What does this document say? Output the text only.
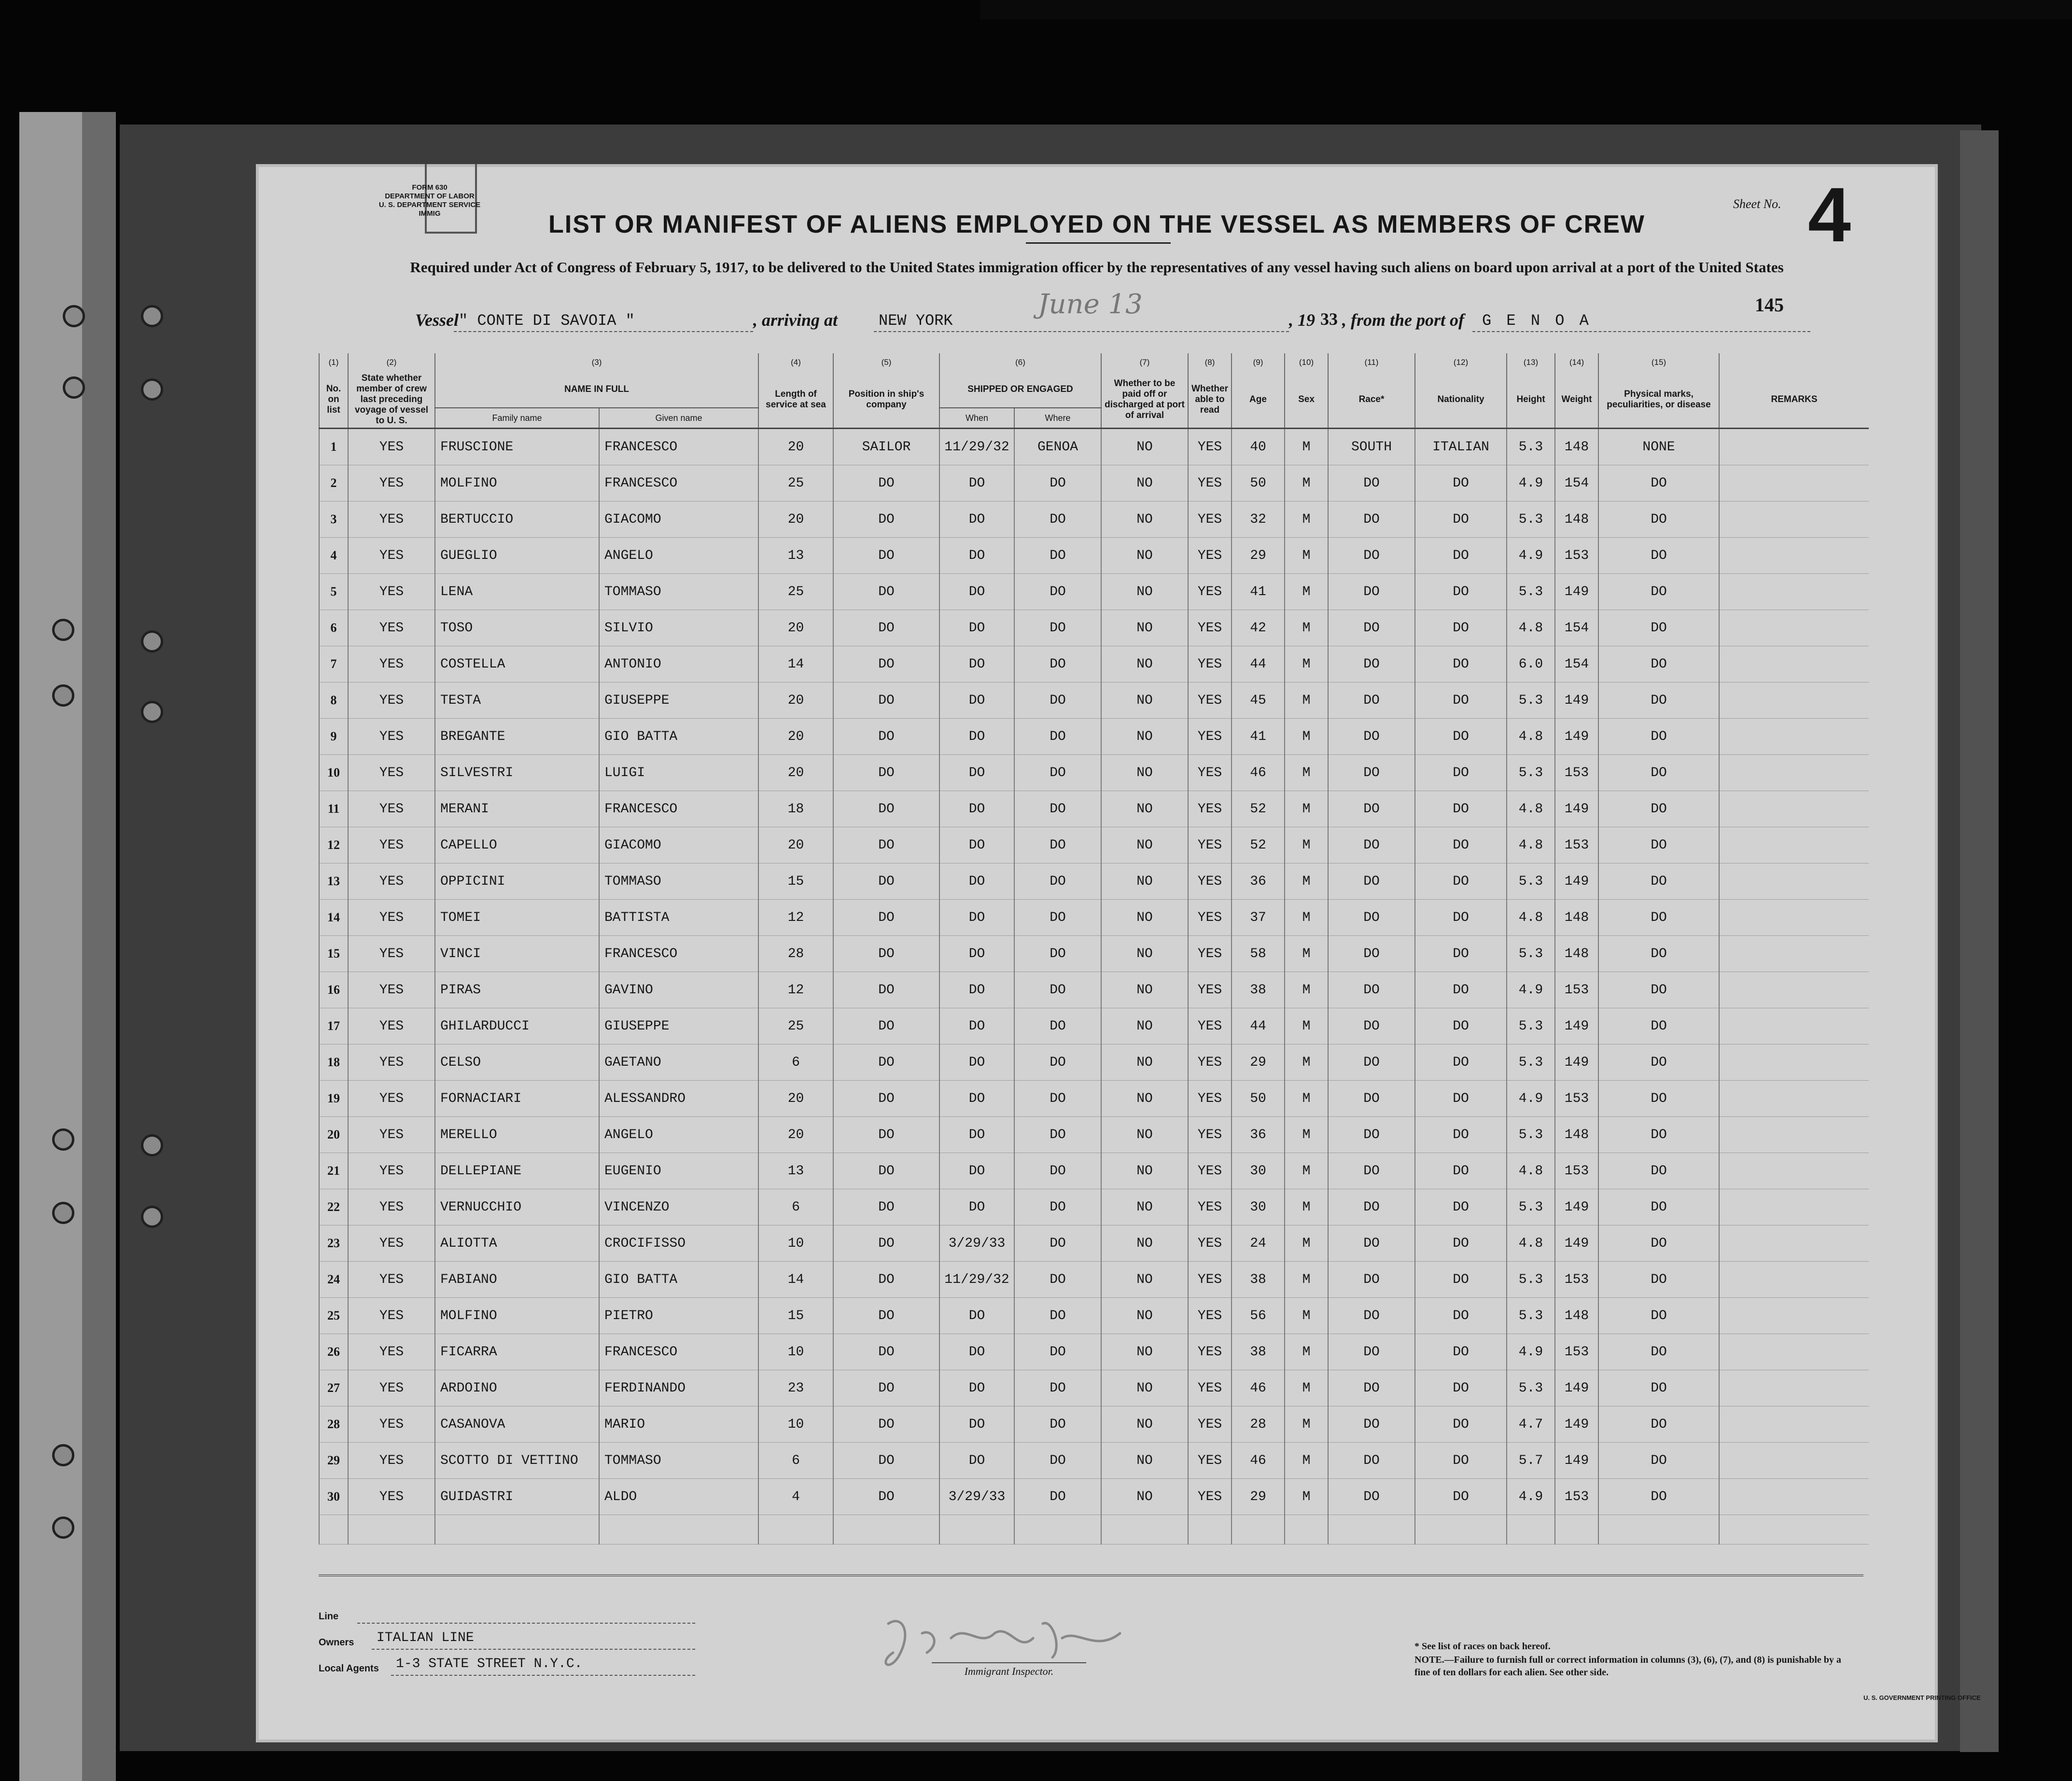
FORM 630
DEPARTMENT OF LABOR
U. S. DEPARTMENT SERVICE
IMMIG	LIST OR MANIFEST OF ALIENS EMPLOYED ON THE VESSEL AS MEMBERS OF CREW
Required under Act of Congress of February 5, 1917, to be delivered to the United States immigration officer by the representatives of any vessel having such aliens on board upon arrival at a port of the United States
Sheet No. 4
145
Vessel " CONTE DI SAVOIA "	, arriving at	NEW YORK
June 13	, 19 33 , from the port of G E N O A
(1)	(2)	(3)		(4)	(5)	(6)		(7)	(8)	(9)	(10)	(11)	(12)	(13)	(14)	(15)	
No. on list	State whether member of crew last preceding voyage of vessel to U. S.	NAME IN FULL		Length of service at sea	Position in ship's company	SHIPPED OR ENGAGED		Whether to be paid off or discharged at port of arrival	Whether able to read	Age	Sex	Race*	Nationality	Height	Weight	Physical marks, peculiarities, or disease	REMARKS
		Family name	Given name			When	Where										
1	YES	FRUSCIONE	FRANCESCO	20	SAILOR	11/29/32	GENOA	NO	YES	40	M	SOUTH	ITALIAN	5.3	148	NONE	
2	YES	MOLFINO	FRANCESCO	25	DO	DO	DO	NO	YES	50	M	DO	DO	4.9	154	DO	
3	YES	BERTUCCIO	GIACOMO	20	DO	DO	DO	NO	YES	32	M	DO	DO	5.3	148	DO	
4	YES	GUEGLIO	ANGELO	13	DO	DO	DO	NO	YES	29	M	DO	DO	4.9	153	DO	
5	YES	LENA	TOMMASO	25	DO	DO	DO	NO	YES	41	M	DO	DO	5.3	149	DO	
6	YES	TOSO	SILVIO	20	DO	DO	DO	NO	YES	42	M	DO	DO	4.8	154	DO	
7	YES	COSTELLA	ANTONIO	14	DO	DO	DO	NO	YES	44	M	DO	DO	6.0	154	DO	
8	YES	TESTA	GIUSEPPE	20	DO	DO	DO	NO	YES	45	M	DO	DO	5.3	149	DO	
9	YES	BREGANTE	GIO BATTA	20	DO	DO	DO	NO	YES	41	M	DO	DO	4.8	149	DO	
10	YES	SILVESTRI	LUIGI	20	DO	DO	DO	NO	YES	46	M	DO	DO	5.3	153	DO	
11	YES	MERANI	FRANCESCO	18	DO	DO	DO	NO	YES	52	M	DO	DO	4.8	149	DO	
12	YES	CAPELLO	GIACOMO	20	DO	DO	DO	NO	YES	52	M	DO	DO	4.8	153	DO	
13	YES	OPPICINI	TOMMASO	15	DO	DO	DO	NO	YES	36	M	DO	DO	5.3	149	DO	
14	YES	TOMEI	BATTISTA	12	DO	DO	DO	NO	YES	37	M	DO	DO	4.8	148	DO	
15	YES	VINCI	FRANCESCO	28	DO	DO	DO	NO	YES	58	M	DO	DO	5.3	148	DO	
16	YES	PIRAS	GAVINO	12	DO	DO	DO	NO	YES	38	M	DO	DO	4.9	153	DO	
17	YES	GHILARDUCCI	GIUSEPPE	25	DO	DO	DO	NO	YES	44	M	DO	DO	5.3	149	DO	
18	YES	CELSO	GAETANO	6	DO	DO	DO	NO	YES	29	M	DO	DO	5.3	149	DO	
19	YES	FORNACIARI	ALESSANDRO	20	DO	DO	DO	NO	YES	50	M	DO	DO	4.9	153	DO	
20	YES	MERELLO	ANGELO	20	DO	DO	DO	NO	YES	36	M	DO	DO	5.3	148	DO	
21	YES	DELLEPIANE	EUGENIO	13	DO	DO	DO	NO	YES	30	M	DO	DO	4.8	153	DO	
22	YES	VERNUCCHIO	VINCENZO	6	DO	DO	DO	NO	YES	30	M	DO	DO	5.3	149	DO	
23	YES	ALIOTTA	CROCIFISSO	10	DO	3/29/33	DO	NO	YES	24	M	DO	DO	4.8	149	DO	
24	YES	FABIANO	GIO BATTA	14	DO	11/29/32	DO	NO	YES	38	M	DO	DO	5.3	153	DO	
25	YES	MOLFINO	PIETRO	15	DO	DO	DO	NO	YES	56	M	DO	DO	5.3	148	DO	
26	YES	FICARRA	FRANCESCO	10	DO	DO	DO	NO	YES	38	M	DO	DO	4.9	153	DO	
27	YES	ARDOINO	FERDINANDO	23	DO	DO	DO	NO	YES	46	M	DO	DO	5.3	149	DO	
28	YES	CASANOVA	MARIO	10	DO	DO	DO	NO	YES	28	M	DO	DO	4.7	149	DO	
29	YES	SCOTTO DI VETTINO	TOMMASO	6	DO	DO	DO	NO	YES	46	M	DO	DO	5.7	149	DO	
30	YES	GUIDASTRI	ALDO	4	DO	3/29/33	DO	NO	YES	29	M	DO	DO	4.9	153	DO	

Line
Owners ITALIAN LINE
Local Agents 1-3 STATE STREET N.Y.C.	Immigrant Inspector.
* See list of races on back hereof.
NOTE.—Failure to furnish full or correct information in columns (3), (6), (7), and (8) is punishable by a fine of ten dollars for each alien. See other side.
U. S. GOVERNMENT PRINTING OFFICE
